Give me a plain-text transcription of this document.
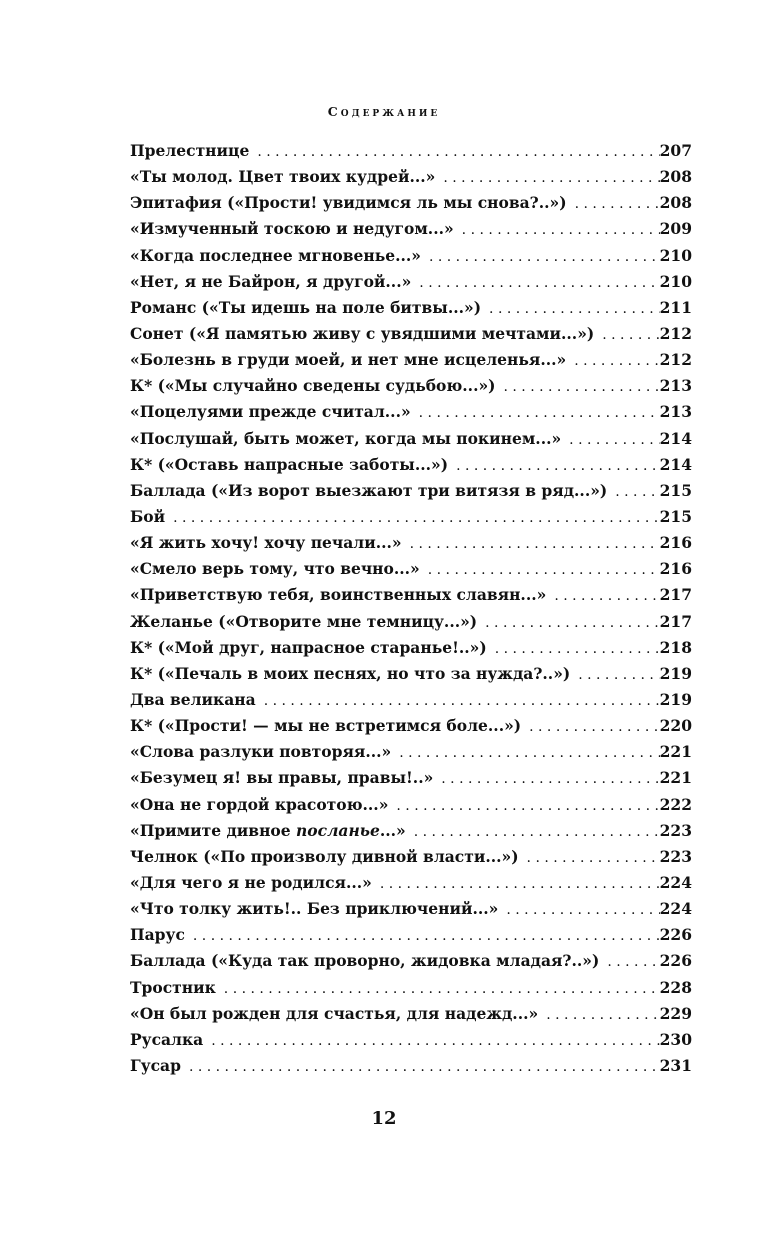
Содержание
Прелестнице . . .	207
«Ты молод. Цвет твоих кудрей...» . . .	208
Эпитафия («Прости! увидимся ль мы снова?..») . . .	208
«Измученный тоскою и недугом...» . . .	209
«Когда последнее мгновенье...» . . .	210
«Нет, я не Байрон, я другой...» . . .	210
Романс («Ты идешь на поле битвы...») . . .	211
Сонет («Я памятью живу с увядшими мечтами...») . . .	212
«Болезнь в груди моей, и нет мне исцеленья...» . . .	212
К* («Мы случайно сведены судьбою...») . . .	213
«Поцелуями прежде считал...» . . .	213
«Послушай, быть может, когда мы покинем...» . . .	214
К* («Оставь напрасные заботы...») . . .	214
Баллада («Из ворот выезжают три витязя в ряд...») . . .	215
Бой . . .	215
«Я жить хочу! хочу печали...» . . .	216
«Смело верь тому, что вечно...» . . .	216
«Приветствую тебя, воинственных славян...» . . .	217
Желанье («Отворите мне темницу...») . . .	217
К* («Мой друг, напрасное старанье!..») . . .	218
К* («Печаль в моих песнях, но что за нужда?..») . . .	219
Два великана . . .	219
К* («Прости! — мы не встретимся боле...») . . .	220
«Слова разлуки повторяя...» . . .	221
«Безумец я! вы правы, правы!..» . . .	221
«Она не гордой красотою...» . . .	222
«Примите дивное посланье...» . . .	223
Челнок («По произволу дивной власти...») . . .	223
«Для чего я не родился...» . . .	224
«Что толку жить!.. Без приключений...» . . .	224
Парус . . .	226
Баллада («Куда так проворно, жидовка младая?..») . . .	226
Тростник . . .	228
«Он был рожден для счастья, для надежд...» . . .	229
Русалка . . .	230
Гусар . . .	231
12
